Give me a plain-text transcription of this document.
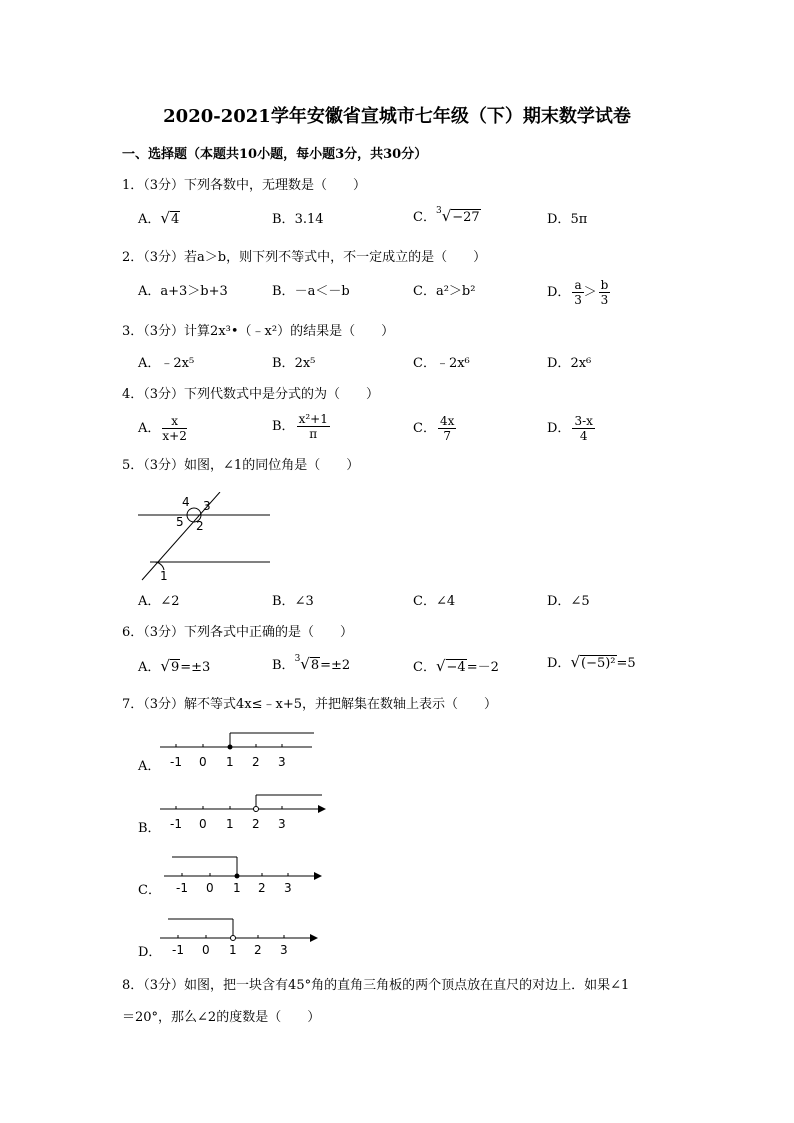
2020-2021学年安徽省宣城市七年级（下）期末数学试卷
一、选择题（本题共10小题，每小题3分，共30分）
1．（3分）下列各数中，无理数是（　　）
A．√4	B．3.14	C．$^3$√−27	D．5π
2．（3分）若a＞b，则下列不等式中，不一定成立的是（　　）
A．a+3＞b+3	B．－a＜－b	C．a²＞b²	D． $\frac{a}{3} > \frac{b}{3}$
3．（3分）计算2x³•（﹣x²）的结果是（　　）
A．﹣2x⁵	B．2x⁵	C．﹣2x⁶	D．2x⁶
4．（3分）下列代数式中是分式的为（　　）
A． $\frac{x}{x+2}$	B． $\frac{\text{x²+1}}{\pi}$	C． $\frac{4x}{7}$	D． $\frac{3-x}{4}$
5．（3分）如图，∠1的同位角是（　　）
4 3
5 2
1
A．∠2	B．∠3	C．∠4	D．∠5
6．（3分）下列各式中正确的是（　　）
A．√9=±3	B．$^3$√8=±2	C．√−4=－2	D．√(−5)²=5
7．（3分）解不等式4x≤﹣x+5，并把解集在数轴上表示（　　）
A． -1 0 1 2 3
B． -1 0 1 2 3
C． -1 0 1 2 3
D． -1 0 1 2 3
8．（3分）如图，把一块含有45°角的直角三角板的两个顶点放在直尺的对边上．如果∠1
＝20°，那么∠2的度数是（　　）
